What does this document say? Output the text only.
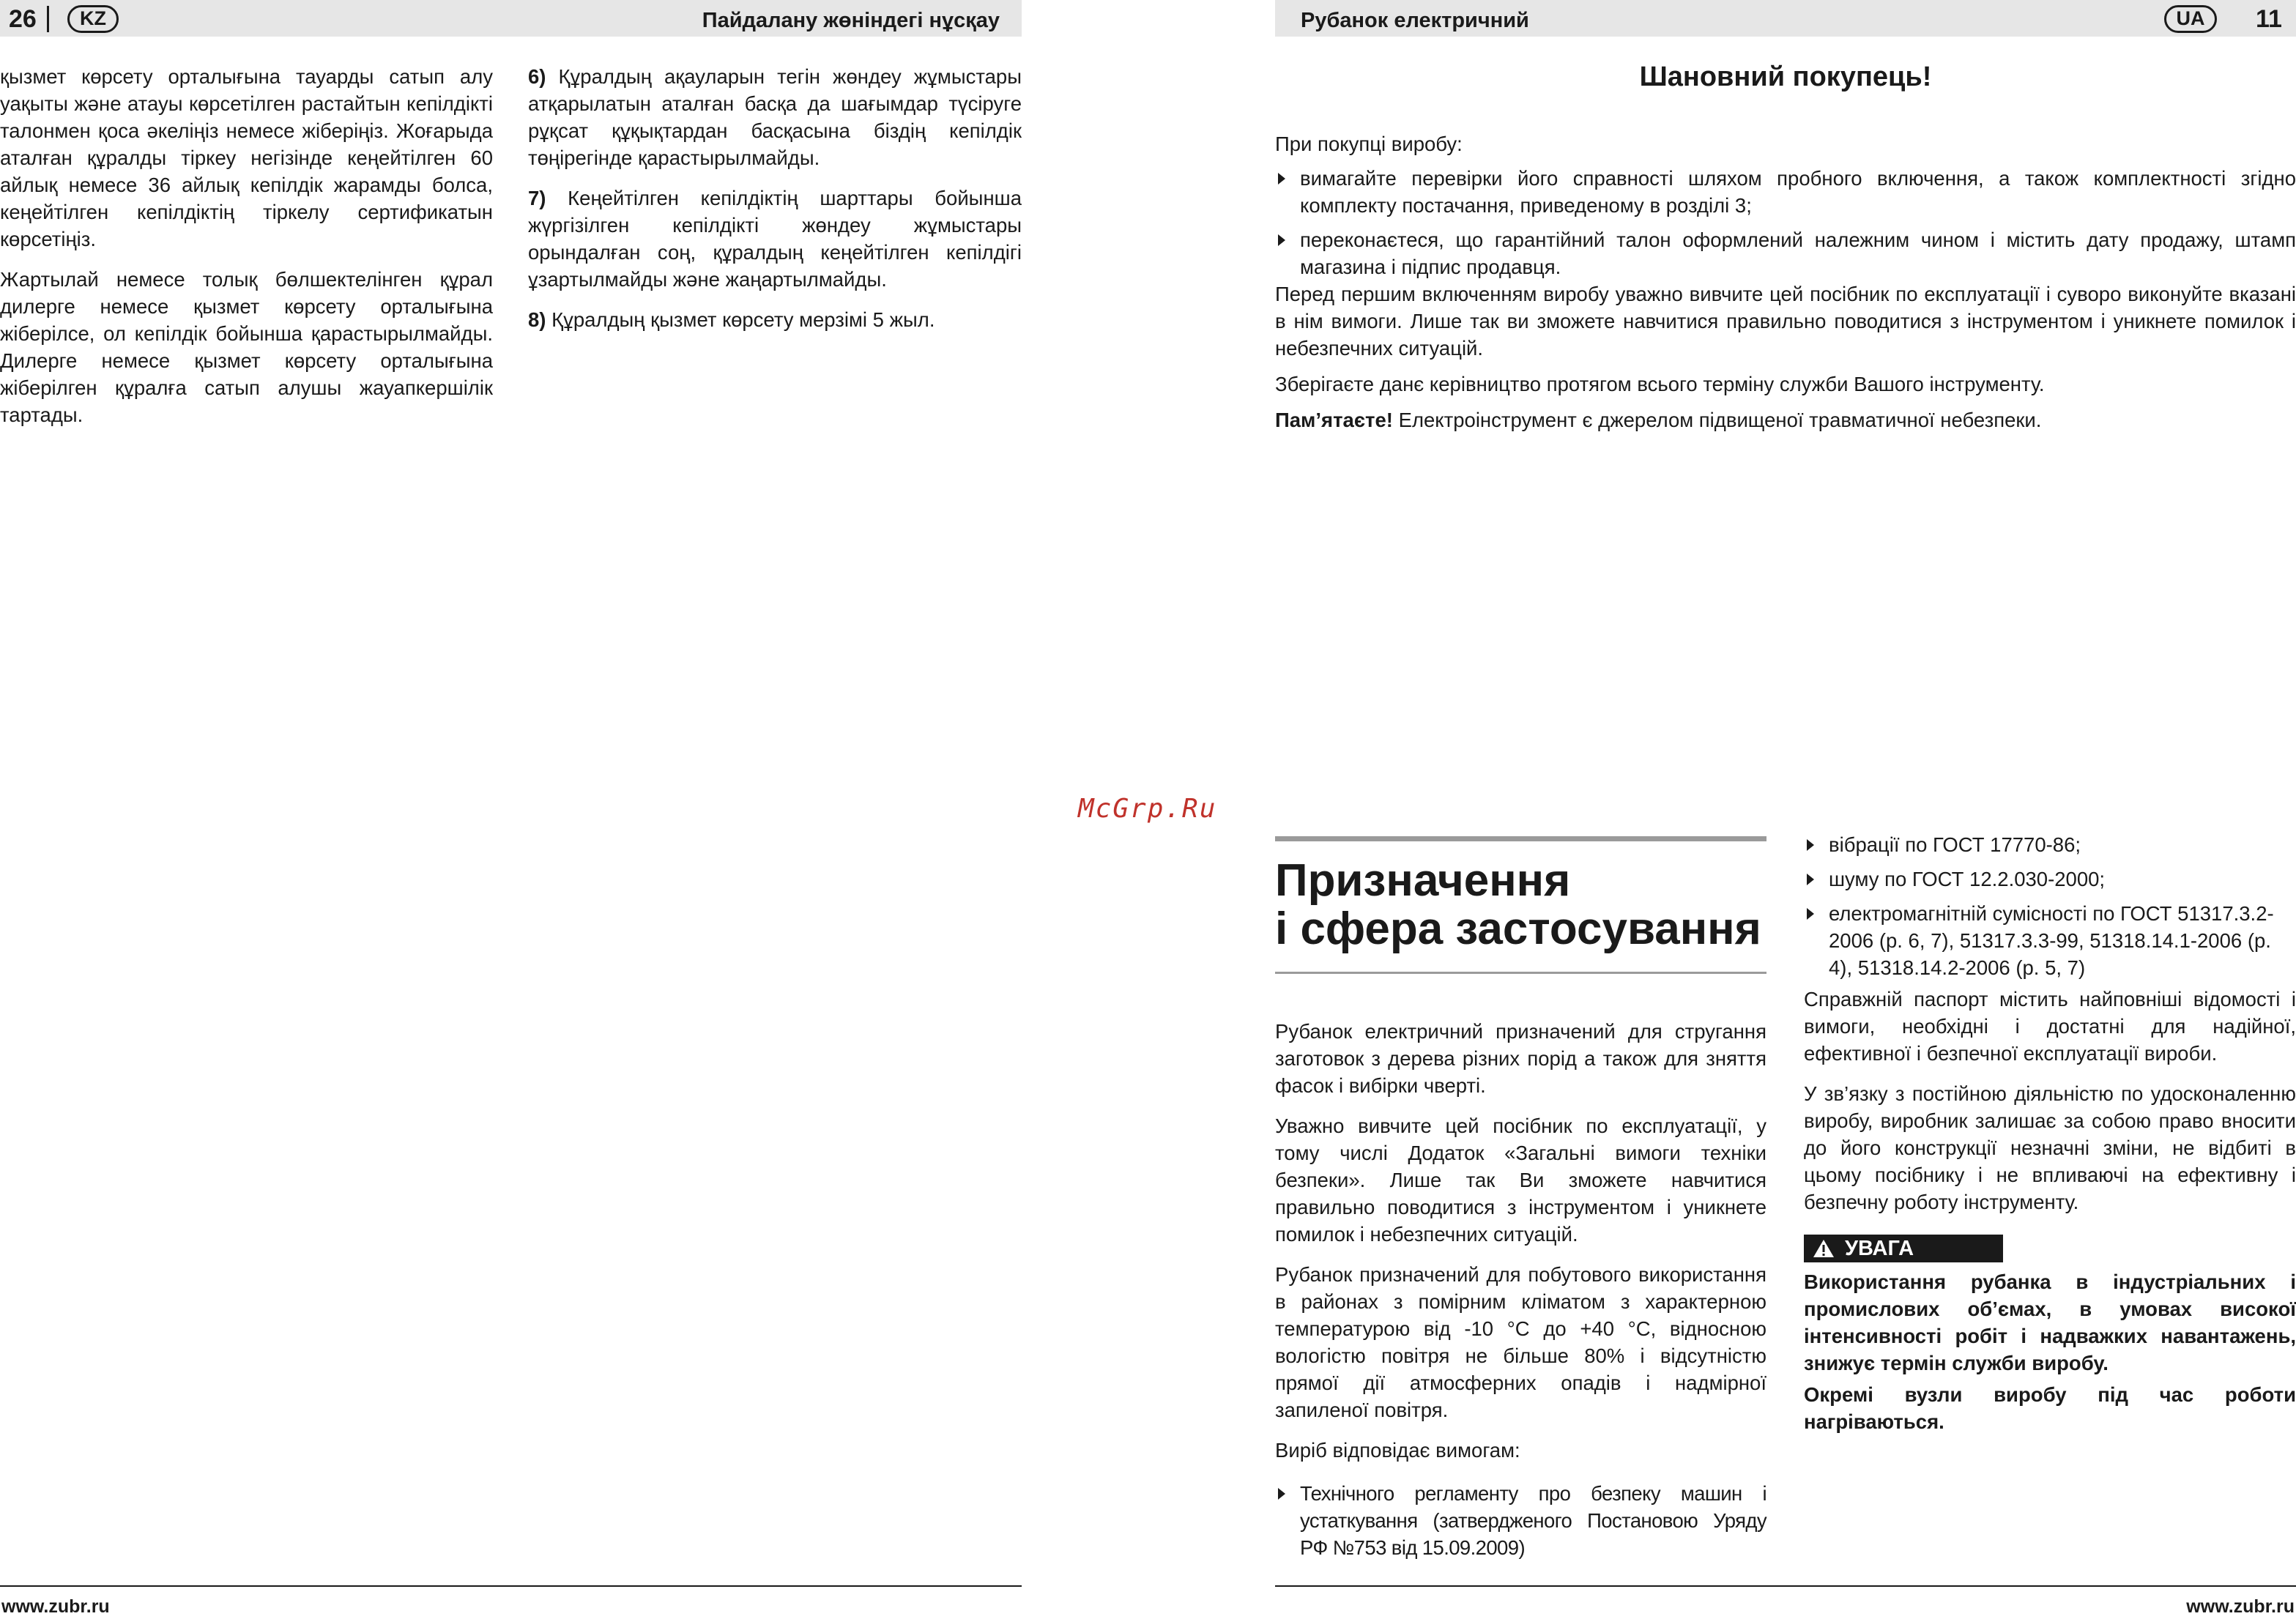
26	KZ	Пайдалану жөніндегі нұсқау

қызмет көрсету орталығына тауарды сатып алу уақыты және атауы көрсетілген растайтын кепілдікті талонмен қоса әкеліңіз немесе жіберіңіз. Жоғарыда аталған құралды тіркеу негізінде кеңейтілген 60 айлық немесе 36 айлық кепілдік жарамды болса, кеңейтілген кепілдіктің тіркелу сертификатын көрсетіңіз.

Жартылай немесе толық бөлшектелінген құрал дилерге немесе қызмет көрсету орталығына жіберілсе, ол кепілдік бойынша қарастырылмайды. Дилерге немесе қызмет көрсету орталығына жіберілген құралға сатып алушы жауапкершілік тартады.

6) Құралдың ақауларын тегін жөндеу жұмыстары атқарылатын аталған басқа да шағымдар түсіруге рұқсат құқықтардан басқасына біздің кепілдік төңірегінде қарастырылмайды.

7) Кеңейтілген кепілдіктің шарттары бойынша жүргізілген кепілдікті жөндеу жұмыстары орындалған соң, құралдың кеңейтілген кепілдігі ұзартылмайды және жаңартылмайды.

8) Құралдың қызмет көрсету мерзімі 5 жыл.

www.zubr.ru
McGrp.Ru
Рубанок електричний	UA	11
Шановний покупець!

При покупці виробу:

вимагайте перевірки його справності шляхом пробного включення, а також комплектності згідно комплекту постачання, приведеному в розділі 3;

переконаєтеся, що гарантійний талон оформлений належним чином і містить дату продажу, штамп магазина і підпис продавця.

Перед першим включенням виробу уважно вивчите цей посібник по експлуатації і суворо виконуйте вказані в нім вимоги. Лише так ви зможете навчитися правильно поводитися з інструментом і уникнете помилок і небезпечних ситуацій.

Зберігаєте данє керівництво протягом всього терміну служби Вашого інструменту.

Пам’ятаєте! Електроінструмент є джерелом підвищеної травматичної небезпеки.

Призначення

і сфера застосування

Рубанок електричний призначений для стругання заготовок з дерева різних порід а також для зняття фасок і вибірки чверті.

Уважно вивчите цей посібник по експлуатації, у тому числі Додаток «Загальні вимоги техніки безпеки». Лише так Ви зможете навчитися правильно поводитися з інструментом і уникнете помилок і небезпечних ситуацій.

Рубанок призначений для побутового використання в районах з помірним кліматом з характерною температурою від -10 °С до +40 °С, відносною вологістю повітря не більше 80% і відсутністю прямої дії атмосферних опадів і надмірної запиленої повітря.

Виріб відповідає вимогам:

Технічного регламенту про безпеку машин і устаткування (затвердженого Постановою Уряду РФ №753 від 15.09.2009)

вібрації по ГОСТ 17770-86;

шуму по ГОСТ 12.2.030-2000;

електромагнітній сумісності по ГОСТ 51317.3.2-2006 (р. 6, 7), 51317.3.3-99, 51318.14.1-2006 (р. 4), 51318.14.2-2006 (р. 5, 7)

Справжній паспорт містить найповніші відомості і вимоги, необхідні і достатні для надійної, ефективної і безпечної експлуатації вироби.

У зв’язку з постійною діяльністю по удосконаленню виробу, виробник залишає за собою право вносити до його конструкції незначні зміни, не відбиті в цьому посібнику і не впливаючі на ефективну і безпечну роботу інструменту.

УВАГА

Використання рубанка в індустріальних і промислових об’ємах, в умовах високої інтенсивності робіт і надважких навантажень, знижує термін служби виробу.

Окремі вузли виробу під час роботи нагріваються.

www.zubr.ru
